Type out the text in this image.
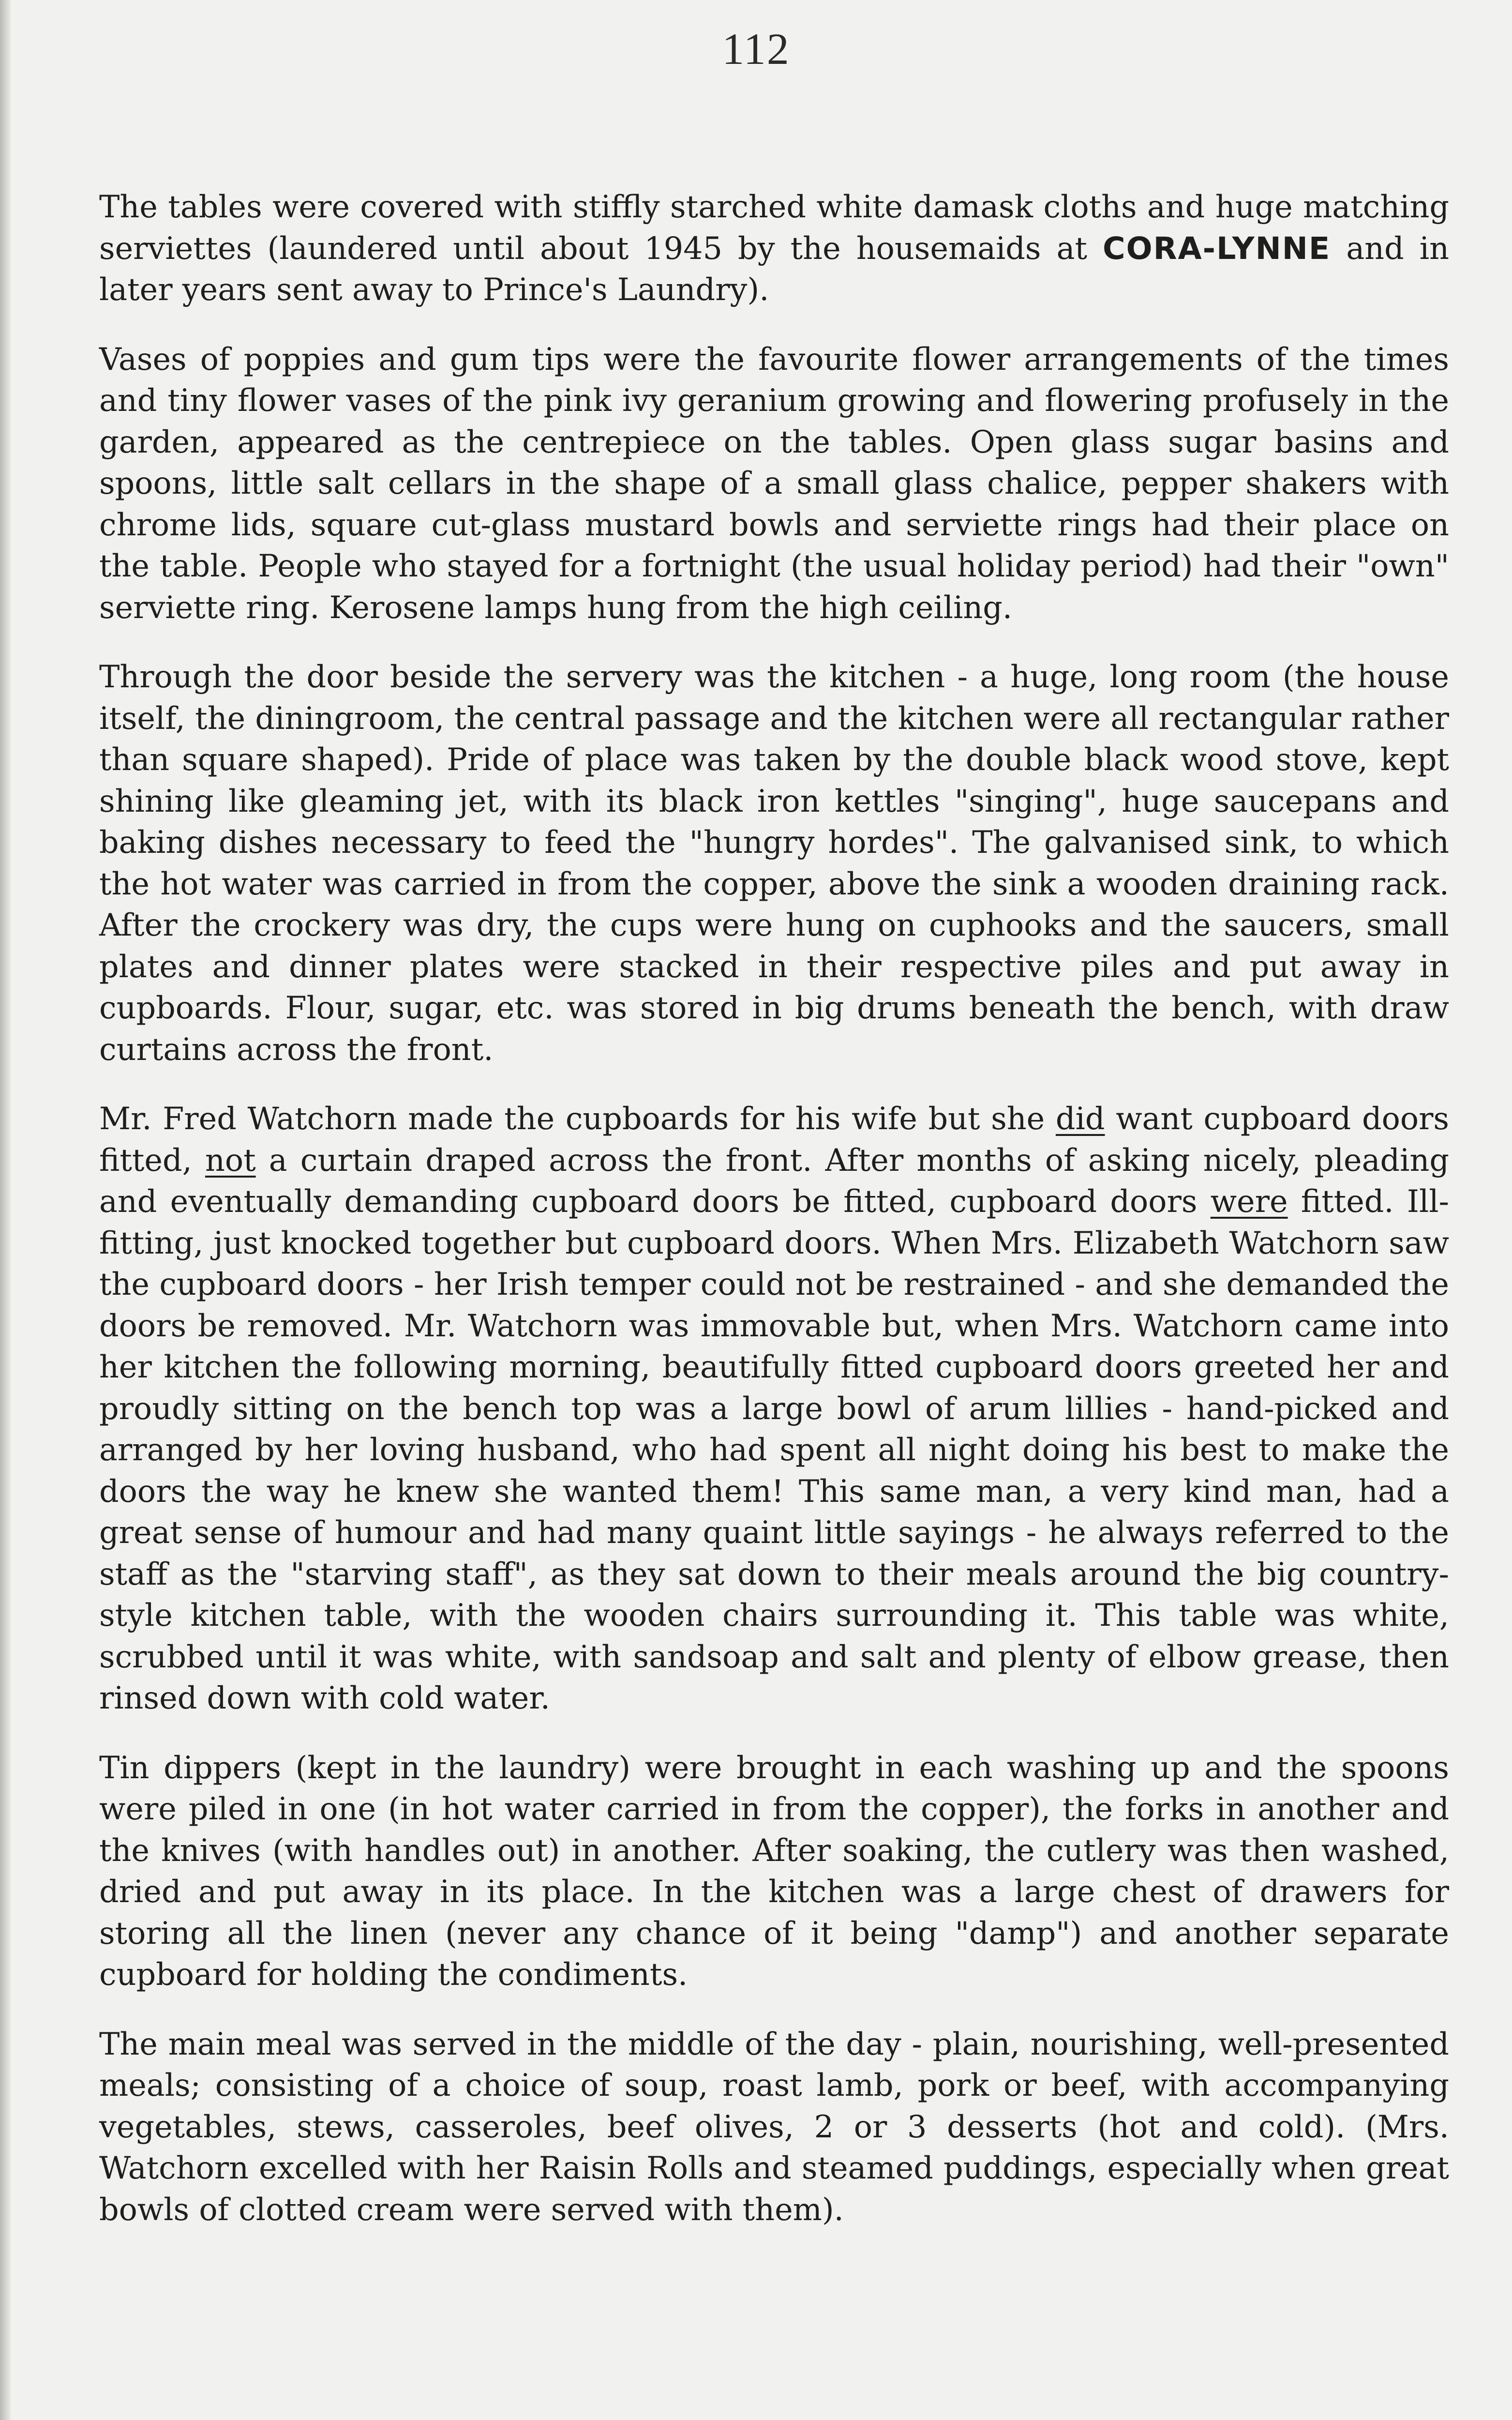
112

The tables were covered with stiffly starched white damask cloths and huge matching serviettes (laundered until about 1945 by the housemaids at CORA-LYNNE and in later years sent away to Prince's Laundry).

Vases of poppies and gum tips were the favourite flower arrangements of the times and tiny flower vases of the pink ivy geranium growing and flowering profusely in the garden, appeared as the centrepiece on the tables. Open glass sugar basins and spoons, little salt cellars in the shape of a small glass chalice, pepper shakers with chrome lids, square cut-glass mustard bowls and serviette rings had their place on the table. People who stayed for a fortnight (the usual holiday period) had their "own" serviette ring. Kerosene lamps hung from the high ceiling.

Through the door beside the servery was the kitchen - a huge, long room (the house itself, the diningroom, the central passage and the kitchen were all rectangular rather than square shaped). Pride of place was taken by the double black wood stove, kept shining like gleaming jet, with its black iron kettles "singing", huge saucepans and baking dishes necessary to feed the "hungry hordes". The galvanised sink, to which the hot water was carried in from the copper, above the sink a wooden draining rack. After the crockery was dry, the cups were hung on cuphooks and the saucers, small plates and dinner plates were stacked in their respective piles and put away in cupboards. Flour, sugar, etc. was stored in big drums beneath the bench, with draw curtains across the front.

Mr. Fred Watchorn made the cupboards for his wife but she did want cupboard doors fitted, not a curtain draped across the front. After months of asking nicely, pleading and eventually demanding cupboard doors be fitted, cupboard doors were fitted. Ill-fitting, just knocked together but cupboard doors. When Mrs. Elizabeth Watchorn saw the cupboard doors - her Irish temper could not be restrained - and she demanded the doors be removed. Mr. Watchorn was immovable but, when Mrs. Watchorn came into her kitchen the following morning, beautifully fitted cupboard doors greeted her and proudly sitting on the bench top was a large bowl of arum lillies - hand-picked and arranged by her loving husband, who had spent all night doing his best to make the doors the way he knew she wanted them! This same man, a very kind man, had a great sense of humour and had many quaint little sayings - he always referred to the staff as the "starving staff", as they sat down to their meals around the big country-style kitchen table, with the wooden chairs surrounding it. This table was white, scrubbed until it was white, with sandsoap and salt and plenty of elbow grease, then rinsed down with cold water.

Tin dippers (kept in the laundry) were brought in each washing up and the spoons were piled in one (in hot water carried in from the copper), the forks in another and the knives (with handles out) in another. After soaking, the cutlery was then washed, dried and put away in its place. In the kitchen was a large chest of drawers for storing all the linen (never any chance of it being "damp") and another separate cupboard for holding the condiments.

The main meal was served in the middle of the day - plain, nourishing, well-presented meals; consisting of a choice of soup, roast lamb, pork or beef, with accompanying vegetables, stews, casseroles, beef olives, 2 or 3 desserts (hot and cold). (Mrs. Watchorn excelled with her Raisin Rolls and steamed puddings, especially when great bowls of clotted cream were served with them).
